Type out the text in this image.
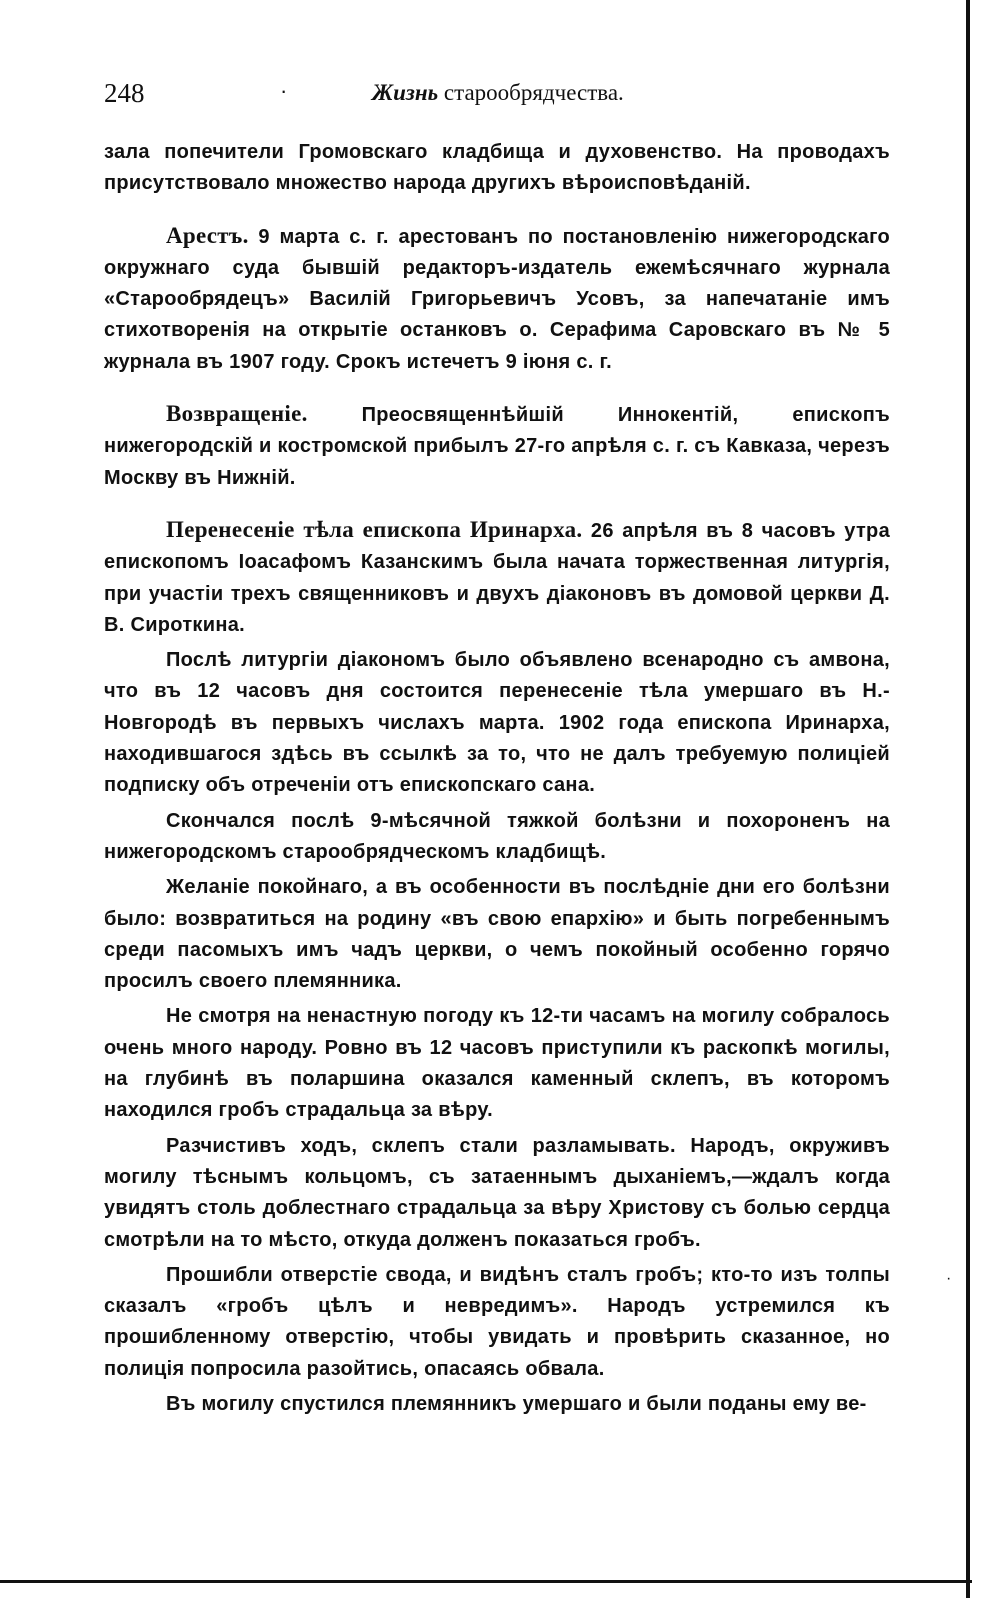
248	·	Жизнь старообрядчества.
·

зала попечители Громовскаго кладбища и духовенство. На проводахъ присутствовало множество народа другихъ вѣроисповѣданій.

Арестъ. 9 марта с. г. арестованъ по постановленію нижегородскаго окружнаго суда бывшій редакторъ-издатель ежемѣсячнаго журнала «Старообрядецъ» Василій Григорьевичъ Усовъ, за напечатаніе имъ стихотворенія на открытіе останковъ о. Серафима Саровскаго въ № 5 журнала въ 1907 году. Срокъ истечетъ 9 іюня с. г.

Возвращеніе. Преосвященнѣйшій Иннокентій, епископъ нижегородскій и костромской прибылъ 27-го апрѣля с. г. съ Кавказа, черезъ Москву въ Нижній.

Перенесеніе тѣла епископа Иринарха. 26 апрѣля въ 8 часовъ утра епископомъ Іоасафомъ Казанскимъ была начата торжественная литургія, при участіи трехъ священниковъ и двухъ діаконовъ въ домовой церкви Д. В. Сироткина.

Послѣ литургіи діакономъ было объявлено всенародно съ амвона, что въ 12 часовъ дня состоится перенесеніе тѣла умершаго въ Н.-Новгородѣ въ первыхъ числахъ марта. 1902 года епископа Иринарха, находившагося здѣсь въ ссылкѣ за то, что не далъ требуемую полиціей подписку объ отреченіи отъ епископскаго сана.

Скончался послѣ 9-мѣсячной тяжкой болѣзни и похороненъ на нижегородскомъ старообрядческомъ кладбищѣ.

Желаніе покойнаго, а въ особенности въ послѣдніе дни его болѣзни было: возвратиться на родину «въ свою епархію» и быть погребеннымъ среди пасомыхъ имъ чадъ церкви, о чемъ покойный особенно горячо просилъ своего племянника.

Не смотря на ненастную погоду къ 12-ти часамъ на могилу собралось очень много народу. Ровно въ 12 часовъ приступили къ раскопкѣ могилы, на глубинѣ въ поларшина оказался каменный склепъ, въ которомъ находился гробъ страдальца за вѣру.

Разчистивъ ходъ, склепъ стали разламывать. Народъ, окруживъ могилу тѣснымъ кольцомъ, съ затаеннымъ дыханіемъ,—ждалъ когда увидятъ столь доблестнаго страдальца за вѣру Христову съ болью сердца смотрѣли на то мѣсто, откуда долженъ показаться гробъ.

Прошибли отверстіе свода, и видѣнъ сталъ гробъ; кто-то изъ толпы сказалъ «гробъ цѣлъ и невредимъ». Народъ устремился къ прошибленному отверстію, чтобы увидать и провѣрить сказанное, но полиція попросила разойтись, опасаясь обвала.

Въ могилу спустился племянникъ умершаго и были поданы ему ве-
